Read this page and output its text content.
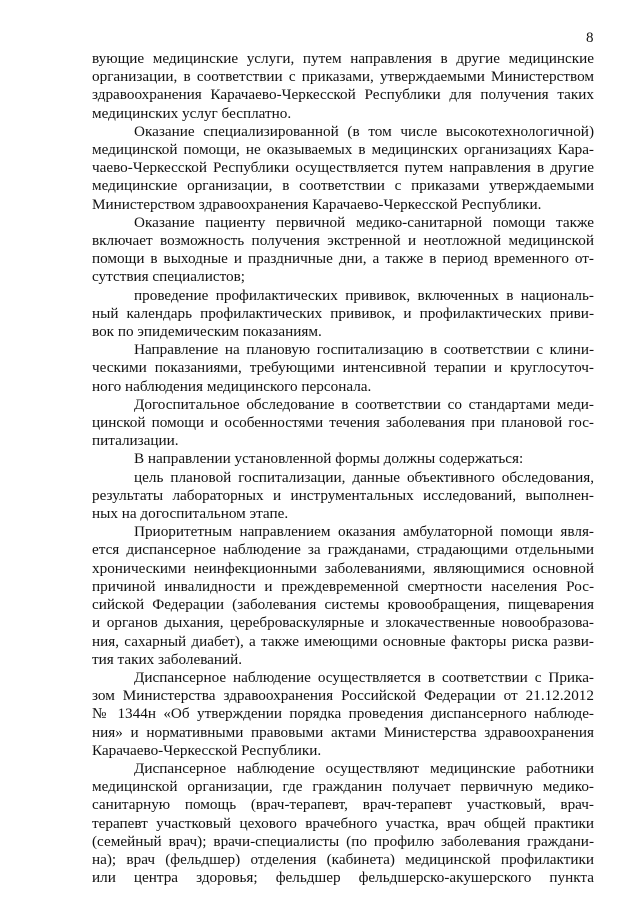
8

вующие медицинские услуги, путем направления в другие медицинские
организации, в соответствии с приказами, утверждаемыми Министерством
здравоохранения Карачаево-Черкесской Республики для получения таких
медицинских услуг бесплатно.

Оказание специализированной (в том числе высокотехнологичной)
медицинской помощи, не оказываемых в медицинских организациях Кара-
чаево-Черкесской Республики осуществляется путем направления в другие
медицинские организации, в соответствии с приказами утверждаемыми
Министерством здравоохранения Карачаево-Черкесской Республики.

Оказание пациенту первичной медико-санитарной помощи также
включает возможность получения экстренной и неотложной медицинской
помощи в выходные и праздничные дни, а также в период временного от-
сутствия специалистов;

проведение профилактических прививок, включенных в националь-
ный календарь профилактических прививок, и профилактических приви-
вок по эпидемическим показаниям.

Направление на плановую госпитализацию в соответствии с клини-
ческими показаниями, требующими интенсивной терапии и круглосуточ-
ного наблюдения медицинского персонала.

Догоспитальное обследование в соответствии со стандартами меди-
цинской помощи и особенностями течения заболевания при плановой гос-
питализации.

В направлении установленной формы должны содержаться:

цель плановой госпитализации, данные объективного обследования,
результаты лабораторных и инструментальных исследований, выполнен-
ных на догоспитальном этапе.

Приоритетным направлением оказания амбулаторной помощи явля-
ется диспансерное наблюдение за гражданами, страдающими отдельными
хроническими неинфекционными заболеваниями, являющимися основной
причиной инвалидности и преждевременной смертности населения Рос-
сийской Федерации (заболевания системы кровообращения, пищеварения
и органов дыхания, цереброваскулярные и злокачественные новообразова-
ния, сахарный диабет), а также имеющими основные факторы риска разви-
тия таких заболеваний.

Диспансерное наблюдение осуществляется в соответствии с Прика-
зом Министерства здравоохранения Российской Федерации от 21.12.2012
№ 1344н «Об утверждении порядка проведения диспансерного наблюде-
ния» и нормативными правовыми актами Министерства здравоохранения
Карачаево-Черкесской Республики.

Диспансерное наблюдение осуществляют медицинские работники
медицинской организации, где гражданин получает первичную медико-
санитарную помощь (врач-терапевт, врач-терапевт участковый, врач-
терапевт участковый цехового врачебного участка, врач общей практики
(семейный врач); врачи-специалисты (по профилю заболевания граждани-
на); врач (фельдшер) отделения (кабинета) медицинской профилактики
или центра здоровья; фельдшер фельдшерско-акушерского пункта
